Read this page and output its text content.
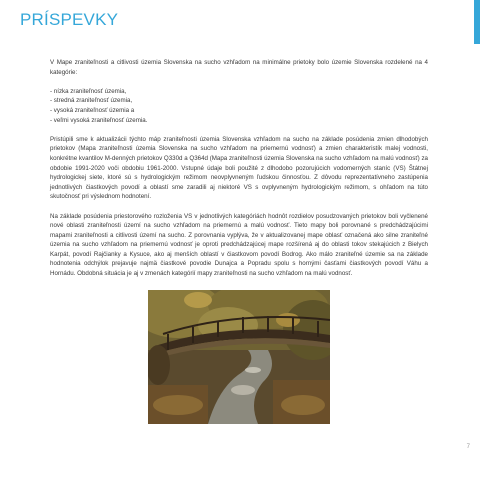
PRÍSPEVKY

V Mape zraniteľnosti a citlivosti územia Slovenska na sucho vzhľadom na minimálne prietoky bolo územie Slovenska rozdelené na 4 kategórie:

- nízka zraniteľnosť územia,
- stredná zraniteľnosť územia,
- vysoká zraniteľnosť územia a
- veľmi vysoká zraniteľnosť územia.

Pristúpili sme k aktualizácii týchto máp zraniteľnosti územia Slovenska vzhľadom na sucho na základe posúdenia zmien dlhodobých prietokov (Mapa zraniteľnosti územia Slovenska na sucho vzhľadom na priemernú vodnosť) a zmien charakteristík malej vodnosti, konkrétne kvantilov M-denných prietokov Q330d a Q364d (Mapa zraniteľnosti územia Slovenska na sucho vzhľadom na malú vodnosť) za obdobie 1991-2020 voči obdobiu 1961-2000. Vstupné údaje boli použité z dlhodobo pozorujúcich vodomerných staníc (VS) Štátnej hydrologickej siete, ktoré sú s hydrologickým režimom neovplyvneným ľudskou činnosťou. Z dôvodu reprezentatívneho zastúpenia jednotlivých čiastkových povodí a oblastí sme zaradili aj niektoré VS s ovplyvneným hydrologickým režimom, s ohľadom na túto skutočnosť pri výslednom hodnotení.

Na základe posúdenia priestorového rozloženia VS v jednotlivých kategóriách hodnôt rozdielov posudzovaných prietokov boli vyčlenené nové oblasti zraniteľnosti území na sucho vzhľadom na priemernú a malú vodnosť. Tieto mapy boli porovnané s predchádzajúcimi mapami zraniteľnosti a citlivosti území na sucho. Z porovnania vyplýva, že v aktualizovanej mape oblasť označená ako silne zraniteľné územia na sucho vzhľadom na priemernú vodnosť je oproti predchádzajúcej mape rozšírená aj do oblasti tokov stekajúcich z Bielych Karpát, povodí Rajčianky a Kysuce, ako aj menších oblastí v čiastkovom povodí Bodrog. Ako málo zraniteľné územie sa na základe hodnotenia odchýlok prejavuje najmä čiastkové povodie Dunajca a Popradu spolu s hornými časťami čiastkových povodí Váhu a Hornádu. Obdobná situácia je aj v zmenách kategórií mapy zraniteľnosti na sucho vzhľadom na malú vodnosť.

7
